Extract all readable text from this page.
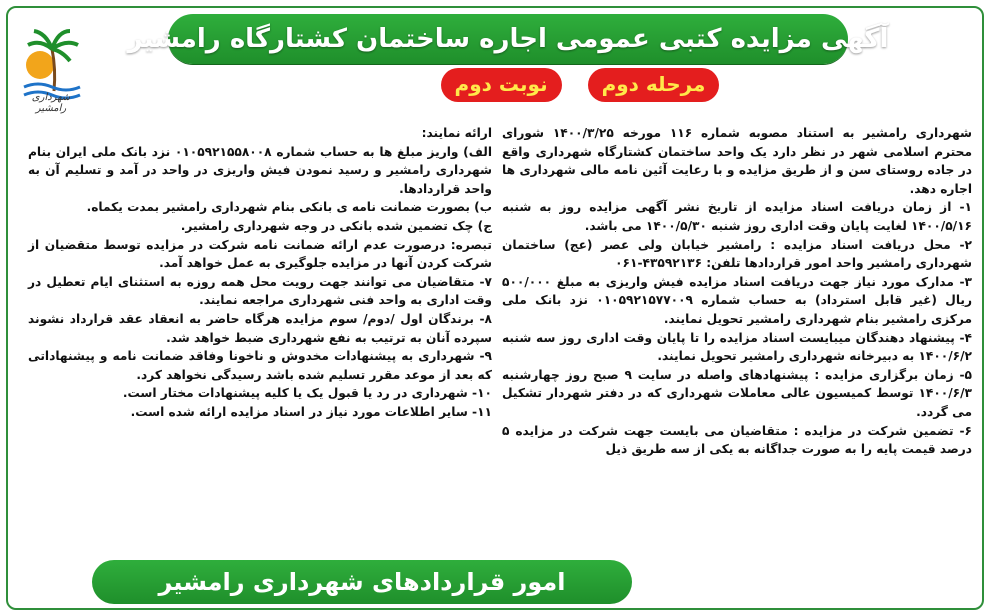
شهرداری رامشیر
آگهی مزایده کتبی عمومی اجاره ساختمان کشتارگاه رامشیر
مرحله دوم
نوبت دوم

شهرداری رامشیر به استناد مصوبه شماره ۱۱۶ مورخه ۱۴۰۰/۳/۲۵ شورای محترم اسلامی شهر در نظر دارد یک واحد ساختمان کشتارگاه شهرداری واقع در جاده روستای سن و از طریق مزایده و با رعایت آئین نامه مالی شهرداری ها اجاره دهد.

۱- از زمان دریافت اسناد مزایده از تاریخ نشر آگهی مزایده روز به شنبه ۱۴۰۰/۵/۱۶ لغایت پایان وقت اداری روز شنبه ۱۴۰۰/۵/۳۰ می باشد.

۲- محل دریافت اسناد مزایده : رامشیر خیابان ولی عصر (عج) ساختمان شهرداری رامشیر واحد امور قراردادها تلفن: ۴۳۵۹۲۱۳۶-۰۶۱

۳- مدارک مورد نیاز جهت دریافت اسناد مزایده فیش واریزی به مبلغ ۵۰۰/۰۰۰ ریال (غیر قابل استرداد) به حساب شماره ۰۱۰۵۹۲۱۵۷۷۰۰۹ نزد بانک ملی مرکزی رامشیر بنام شهرداری رامشیر تحویل نمایند.

۴- پیشنهاد دهندگان میبایست اسناد مزایده را تا پایان وقت اداری روز سه شنبه ۱۴۰۰/۶/۲ به دبیرخانه شهرداری رامشیر تحویل نمایند.

۵- زمان برگزاری مزایده : پیشنهادهای واصله در سایت ۹ صبح روز چهارشنبه ۱۴۰۰/۶/۳ توسط کمیسیون عالی معاملات شهرداری که در دفتر شهردار تشکیل می گردد.

۶- تضمین شرکت در مزایده : متقاضیان می بایست جهت شرکت در مزایده ۵ درصد قیمت پایه را به صورت جداگانه به یکی از سه طریق ذیل

ارائه نمایند:

الف) واریز مبلغ ها به حساب شماره ۰۱۰۵۹۲۱۵۵۸۰۰۸ نزد بانک ملی ایران بنام شهرداری رامشیر و رسید نمودن فیش واریزی در واحد در آمد و تسلیم آن به واحد قراردادها.

ب) بصورت ضمانت نامه ی بانکی بنام شهرداری رامشیر بمدت یکماه.

ج) چک تضمین شده بانکی در وجه شهرداری رامشیر.

تبصره: درصورت عدم ارائه ضمانت نامه شرکت در مزایده توسط متقضیان از شرکت کردن آنها در مزایده جلوگیری به عمل خواهد آمد.

۷- متقاضیان می توانند جهت رویت محل همه روزه به استثنای ایام تعطیل در وقت اداری به واحد فنی شهرداری مراجعه نمایند.

۸- برندگان اول /دوم/ سوم مزایده هرگاه حاضر به انعقاد عقد قرارداد نشوند سپرده آنان به ترتیب به نفع شهرداری ضبط خواهد شد.

۹- شهرداری به پیشنهادات مخدوش و ناخونا وفاقد ضمانت نامه و پیشنهاداتی که بعد از موعد مقرر تسلیم شده باشد رسیدگی نخواهد کرد.

۱۰- شهرداری در رد یا قبول یک یا کلیه پیشنهادات مختار است.

۱۱- سایر اطلاعات مورد نیاز در اسناد مزایده ارائه شده است.

امور قراردادهای شهرداری رامشیر
